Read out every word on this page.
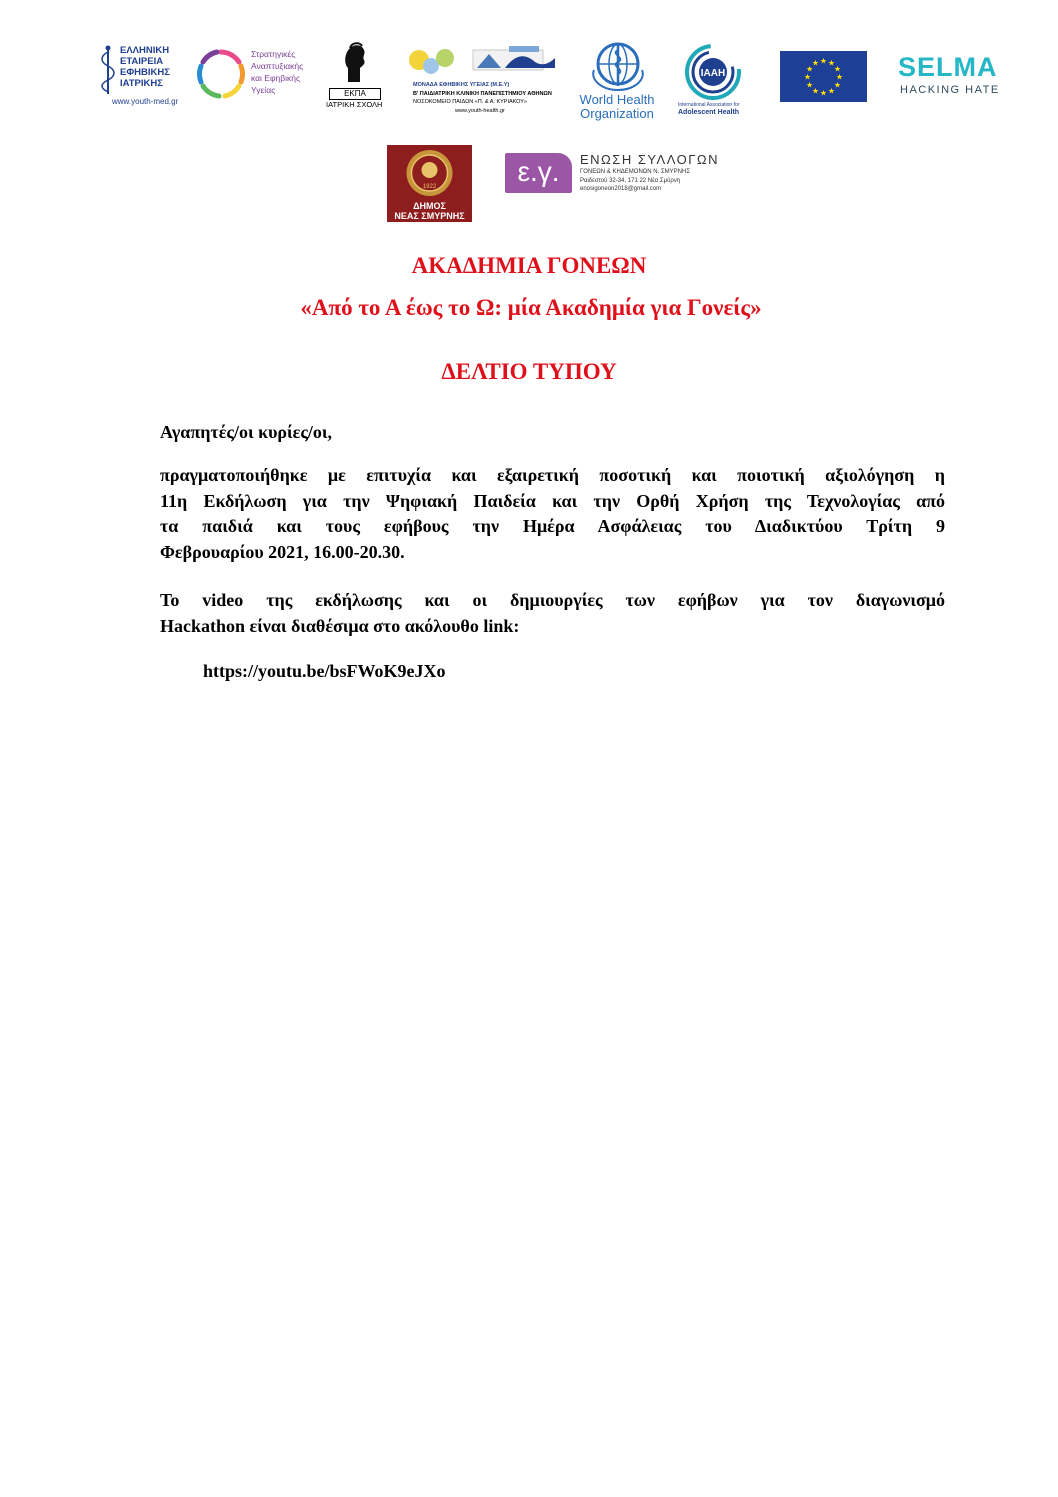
ΕΛΛΗΝΙΚΗ
ΕΤΑΙΡΕΙΑ
ΕΦΗΒΙΚΗΣ
ΙΑΤΡΙΚΗΣ
www.youth-med.gr
Στρατηγικές
Αναπτυξιακής
και Εφηβικής
Υγείας	ΕΚΠΑ
ΙΑΤΡΙΚΗ ΣΧΟΛΗ
ΜΟΝΑΔΑ ΕΦΗΒΙΚΗΣ ΥΓΕΙΑΣ (Μ.Ε.Υ)
Β' ΠΑΙΔΙΑΤΡΙΚΗ ΚΛΙΝΙΚΗ ΠΑΝΕΠΙΣΤΗΜΙΟΥ ΑΘΗΝΩΝ
ΝΟΣΟΚΟΜΕΙΟ ΠΑΙΔΩΝ «Π. & Α. ΚΥΡΙΑΚΟΥ»
www.youth-health.gr
World Health
Organization
IAAH
International Association for
Adolescent Health
★ ★
★
★
★
★
★
★
★
★
★
★	SELMA
HACKING HATE
1922
ΔΗΜΟΣ
ΝΕΑΣ ΣΜΥΡΝΗΣ
ε.γ.	ΕΝΩΣΗ ΣΥΛΛΟΓΩΝ
ΓΟΝΕΩΝ & ΚΗΔΕΜΟΝΩΝ Ν. ΣΜΥΡΝΗΣ
Ραιδεστού 32-34, 171 22 Νέα Σμύρνη
enosigoneon2018@gmail.com
ΑΚΑΔΗΜΙΑ ΓΟΝΕΩΝ
«Από το Α έως το Ω: μία Ακαδημία για Γονείς»
ΔΕΛΤΙΟ ΤΥΠΟΥ
Αγαπητές/οι κυρίες/οι,
πραγματοποιήθηκε με επιτυχία και εξαιρετική ποσοτική και ποιοτική αξιολόγηση η
11η Εκδήλωση για την Ψηφιακή Παιδεία και την Ορθή Χρήση της Τεχνολογίας από
τα παιδιά και τους εφήβους την Ημέρα Ασφάλειας του Διαδικτύου Τρίτη 9
Φεβρουαρίου 2021, 16.00-20.30.
Το video της εκδήλωσης και οι δημιουργίες των εφήβων για τον διαγωνισμό
Hackathon είναι διαθέσιμα στο ακόλουθο link:
https://youtu.be/bsFWoK9eJXo
